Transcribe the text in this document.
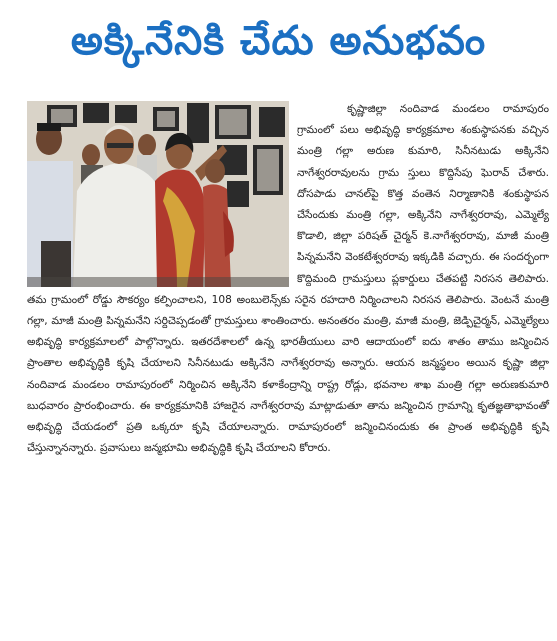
అక్కినేనికి చేదు అనుభవం

కృష్ణాజిల్లా నందివాడ మండలం రామాపురం గ్రామంలో పలు అభివృద్ధి కార్యక్రమాల శంకుస్థాపనకు వచ్చిన మంత్రి గల్లా అరుణ కుమారి, సినీనటుడు అక్కినేని నాగేశ్వరరావులను గ్రామ స్తులు కొద్దిసేపు ఘెరావ్ చేశారు. దోసపాడు చానల్‌పై కొత్త వంతెన నిర్మాణానికి శంకుస్థాపన చేసేందుకు మంత్రి గల్లా, అక్కినేని నాగేశ్వరరావు, ఎమ్మెల్యే కొడాలి, జిల్లా పరిషత్ చైర్మన్ కె.నాగేశ్వరరావు, మాజీ మంత్రి పిన్నమనేని వెంకటేశ్వరరావు ఇక్కడికి వచ్చారు. ఈ సందర్భంగా కొద్దిమంది గ్రామస్తులు ప్లకార్డులు చేతపట్టి నిరసన తెలిపారు. తమ గ్రామంలో రోడ్డు సౌకర్యం కల్పించాలని, 108 అంబులెన్స్‌కు సరైన రహదారి నిర్మించాలని నిరసన తెలిపారు. వెంటనే మంత్రి గల్లా, మాజీ మంత్రి పిన్నమనేని సర్దిచెప్పడంతో గ్రామస్తులు శాంతించారు. అనంతరం మంత్రి, మాజీ మంత్రి, జెడ్పిచైర్మన్, ఎమ్మెల్యేలు అభివృద్ధి కార్యక్రమాలలో పాల్గొన్నారు. ఇతరదేశాలలో ఉన్న భారతీయులు వారి ఆదాయంలో ఐదు శాతం తాము జన్మించిన ప్రాంతాల అభివృద్ధికి కృషి చేయాలని సినీనటుడు అక్కినేని నాగేశ్వరరావు అన్నారు. ఆయన జన్మస్థలం అయిన కృష్ణా జిల్లా నందివాడ మండలం రామాపురంలో నిర్మించిన అక్కినేని కళాకేంద్రాన్ని రాష్ట్ర రోడ్లు, భవనాల శాఖ మంత్రి గల్లా అరుణకుమారి బుధవారం ప్రారంభించారు. ఈ కార్యక్రమానికి హాజరైన నాగేశ్వరరావు మాట్లాడుతూ తాను జన్మించిన గ్రామాన్ని కృతజ్ఞతాభావంతో అభివృద్ధి చేయడంలో ప్రతి ఒక్కరూ కృషి చేయాలన్నారు. రామాపురంలో జన్మించినందుకు ఈ ప్రాంత అభివృద్ధికి కృషి చేస్తున్నానన్నారు. ప్రవాసులు జన్మభూమి అభివృద్ధికి కృషి చేయాలని కోరారు.
